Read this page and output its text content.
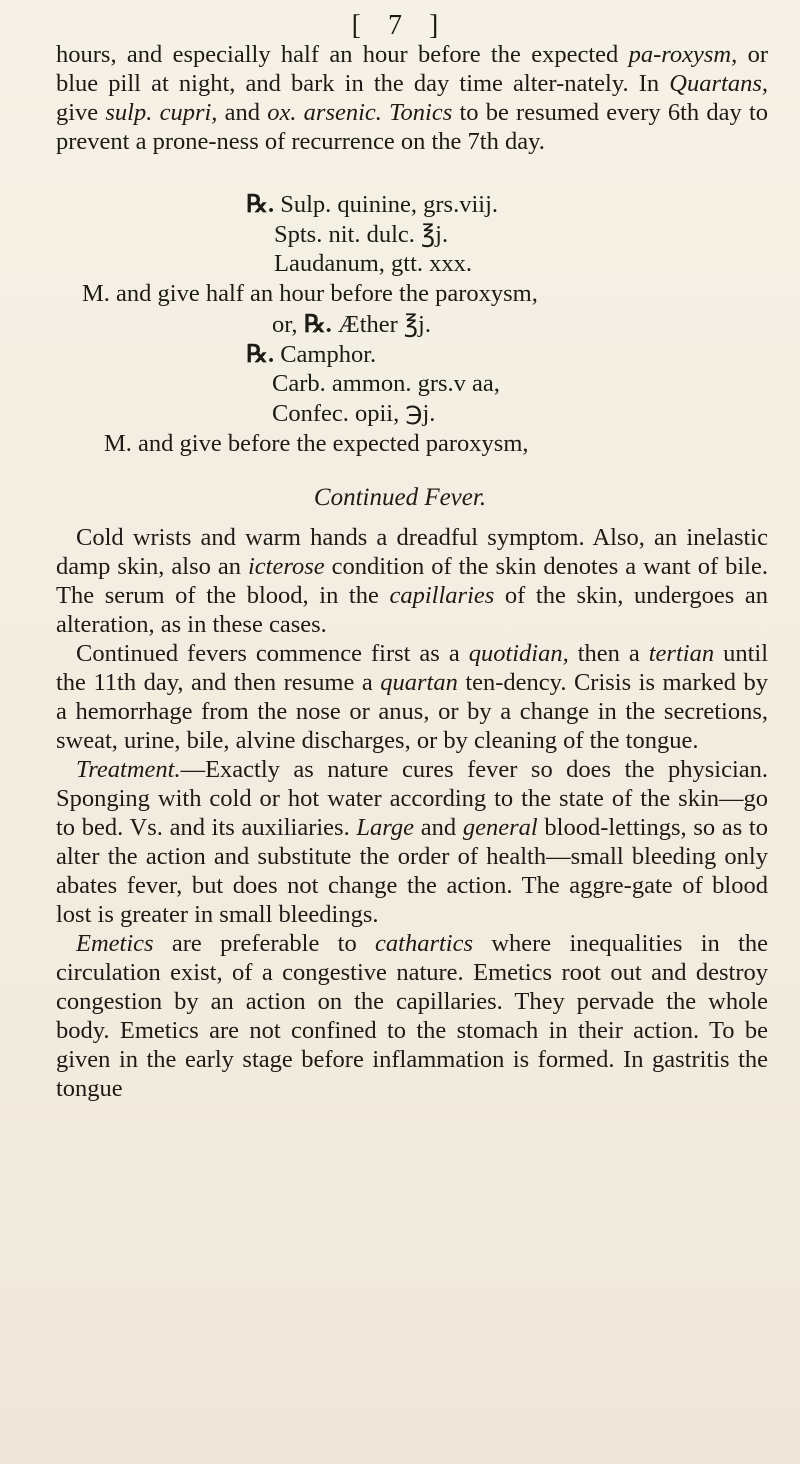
[ 7 ]

hours, and especially half an hour before the expected pa-roxysm, or blue pill at night, and bark in the day time alter-nately. In Quartans, give sulp. cupri, and ox. arsenic. Tonics to be resumed every 6th day to prevent a prone-ness of recurrence on the 7th day.

℞. Sulp. quinine, grs.viij.

Spts. nit. dulc. ℥j.

Laudanum, gtt. xxx.

M. and give half an hour before the paroxysm,

or, ℞. Æther ℥j.

℞. Camphor.

Carb. ammon. grs.v aa,

Confec. opii, ℈j.

M. and give before the expected paroxysm,
Continued Fever.

Cold wrists and warm hands a dreadful symptom. Also, an inelastic damp skin, also an icterose condition of the skin denotes a want of bile. The serum of the blood, in the capillaries of the skin, undergoes an alteration, as in these cases.

Continued fevers commence first as a quotidian, then a tertian until the 11th day, and then resume a quartan ten-dency. Crisis is marked by a hemorrhage from the nose or anus, or by a change in the secretions, sweat, urine, bile, alvine discharges, or by cleaning of the tongue.

Treatment.—Exactly as nature cures fever so does the physician. Sponging with cold or hot water according to the state of the skin—go to bed. Vs. and its auxiliaries. Large and general blood-lettings, so as to alter the action and substitute the order of health—small bleeding only abates fever, but does not change the action. The aggre-gate of blood lost is greater in small bleedings.

Emetics are preferable to cathartics where inequalities in the circulation exist, of a congestive nature. Emetics root out and destroy congestion by an action on the capillaries. They pervade the whole body. Emetics are not confined to the stomach in their action. To be given in the early stage before inflammation is formed. In gastritis the tongue
